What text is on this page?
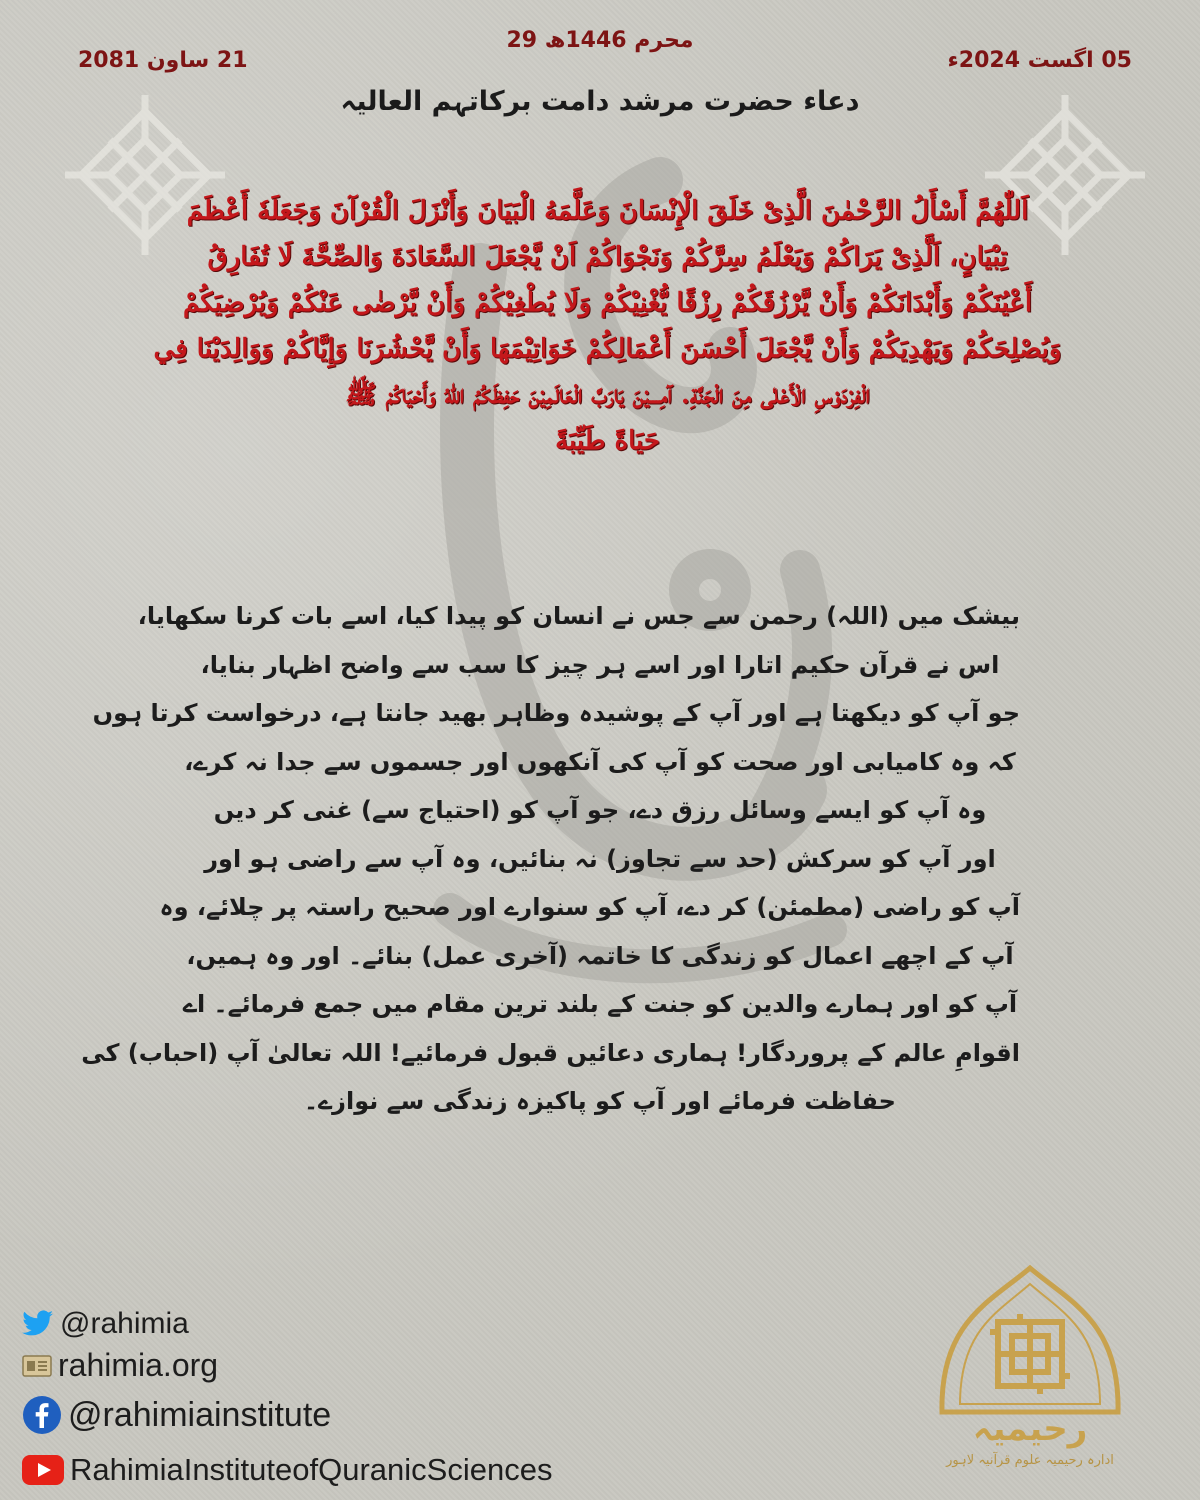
29 محرم 1446ھ
05 اگست 2024ء
21 ساون 2081
دعاء حضرت مرشد دامت برکاتہم العالیہ
اَللّٰهُمَّ أَسْأَلُ الرَّحْمٰنَ الَّذِیْ خَلَقَ الْإِنْسَانَ وَعَلَّمَهُ الْبَيَانَ وَأَنْزَلَ الْقُرْآنَ وَجَعَلَهٗ أَعْظَمَ
تِبْيَانٍ، اَلَّذِیْ يَرَاكُمْ وَيَعْلَمُ سِرَّكُمْ وَنَجْوَاكُمْ اَنْ يَّجْعَلَ السَّعَادَةَ وَالصِّحَّةَ لَا تُفَارِقُ
أَعْيُنَكُمْ وَأَبْدَانَكُمْ وَأَنْ يَّرْزُقَكُمْ رِزْقًا يُّغْنِيْكُمْ وَلَا يُطْغِيْكُمْ وَأَنْ يَّرْضٰى عَنْكُمْ وَيُرْضِيَكُمْ
وَيُصْلِحَكُمْ وَيَهْدِيَكُمْ وَأَنْ يَّجْعَلَ أَحْسَنَ أَعْمَالِكُمْ خَوَاتِيْمَهَا وَأَنْ يَّحْشُرَنَا وَإِيَّاكُمْ وَوَالِدَيْنَا فِي
الْفِرْدَوْسِ الْأَعْلٰى مِنَ الْجَنَّةِ. آمِـــيْنَ يَارَبَّ الْعَالَمِيْنَ حَفِظَكُمُ اللّٰهُ وَأَحْيَاكُمْ ﷺ
حَيَاةً طَيِّبَةً
بیشک میں (اللہ) رحمن سے جس نے انسان کو پیدا کیا، اسے بات کرنا سکھایا،
اس نے قرآن حکیم اتارا اور اسے ہر چیز کا سب سے واضح اظہار بنایا،
جو آپ کو دیکھتا ہے اور آپ کے پوشیدہ وظاہر بھید جانتا ہے، درخواست کرتا ہوں
کہ وہ کامیابی اور صحت کو آپ کی آنکھوں اور جسموں سے جدا نہ کرے،
وہ آپ کو ایسے وسائل رزق دے، جو آپ کو (احتیاج سے) غنی کر دیں
اور آپ کو سرکش (حد سے تجاوز) نہ بنائیں، وہ آپ سے راضی ہو اور
آپ کو راضی (مطمئن) کر دے، آپ کو سنوارے اور صحیح راستہ پر چلائے، وہ
آپ کے اچھے اعمال کو زندگی کا خاتمہ (آخری عمل) بنائے۔ اور وہ ہمیں،
آپ کو اور ہمارے والدین کو جنت کے بلند ترین مقام میں جمع فرمائے۔ اے
اقوامِ عالم کے پروردگار! ہماری دعائیں قبول فرمائیے! اللہ تعالیٰ آپ (احباب) کی
حفاظت فرمائے اور آپ کو پاکیزہ زندگی سے نوازے۔
@rahimia
rahimia.org
@rahimiainstitute
RahimiaInstituteofQuranicSciences
رحیمیہ
ادارہ رحیمیہ علوم قرآنیہ لاہور
